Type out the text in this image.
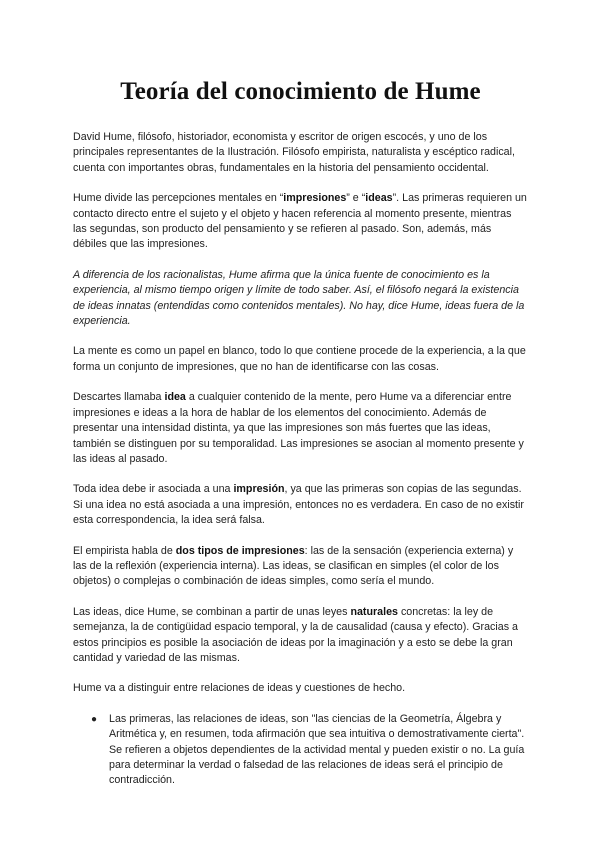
Teoría del conocimiento de Hume

David Hume, filósofo, historiador, economista y escritor de origen escocés, y uno de los principales representantes de la Ilustración. Filósofo empirista, naturalista y escéptico radical, cuenta con importantes obras, fundamentales en la historia del pensamiento occidental.

Hume divide las percepciones mentales en “impresiones” e “ideas”. Las primeras requieren un contacto directo entre el sujeto y el objeto y hacen referencia al momento presente, mientras las segundas, son producto del pensamiento y se refieren al pasado. Son, además, más débiles que las impresiones.

A diferencia de los racionalistas, Hume afirma que la única fuente de conocimiento es la experiencia, al mismo tiempo origen y límite de todo saber. Así, el filósofo negará la existencia de ideas innatas (entendidas como contenidos mentales). No hay, dice Hume, ideas fuera de la experiencia.

La mente es como un papel en blanco, todo lo que contiene procede de la experiencia, a la que forma un conjunto de impresiones, que no han de identificarse con las cosas.

Descartes llamaba idea a cualquier contenido de la mente, pero Hume va a diferenciar entre impresiones e ideas a la hora de hablar de los elementos del conocimiento. Además de presentar una intensidad distinta, ya que las impresiones son más fuertes que las ideas, también se distinguen por su temporalidad. Las impresiones se asocian al momento presente y las ideas al pasado.

Toda idea debe ir asociada a una impresión, ya que las primeras son copias de las segundas. Si una idea no está asociada a una impresión, entonces no es verdadera. En caso de no existir esta correspondencia, la idea será falsa.

El empirista habla de dos tipos de impresiones: las de la sensación (experiencia externa) y las de la reflexión (experiencia interna). Las ideas, se clasifican en simples (el color de los objetos) o complejas o combinación de ideas simples, como sería el mundo.

Las ideas, dice Hume, se combinan a partir de unas leyes naturales concretas: la ley de semejanza, la de contigüidad espacio temporal, y la de causalidad (causa y efecto). Gracias a estos principios es posible la asociación de ideas por la imaginación y a esto se debe la gran cantidad y variedad de las mismas.

Hume va a distinguir entre relaciones de ideas y cuestiones de hecho.

● Las primeras, las relaciones de ideas, son "las ciencias de la Geometría, Álgebra y Aritmética y, en resumen, toda afirmación que sea intuitiva o demostrativamente cierta". Se refieren a objetos dependientes de la actividad mental y pueden existir o no. La guía para determinar la verdad o falsedad de las relaciones de ideas será el principio de contradicción.
